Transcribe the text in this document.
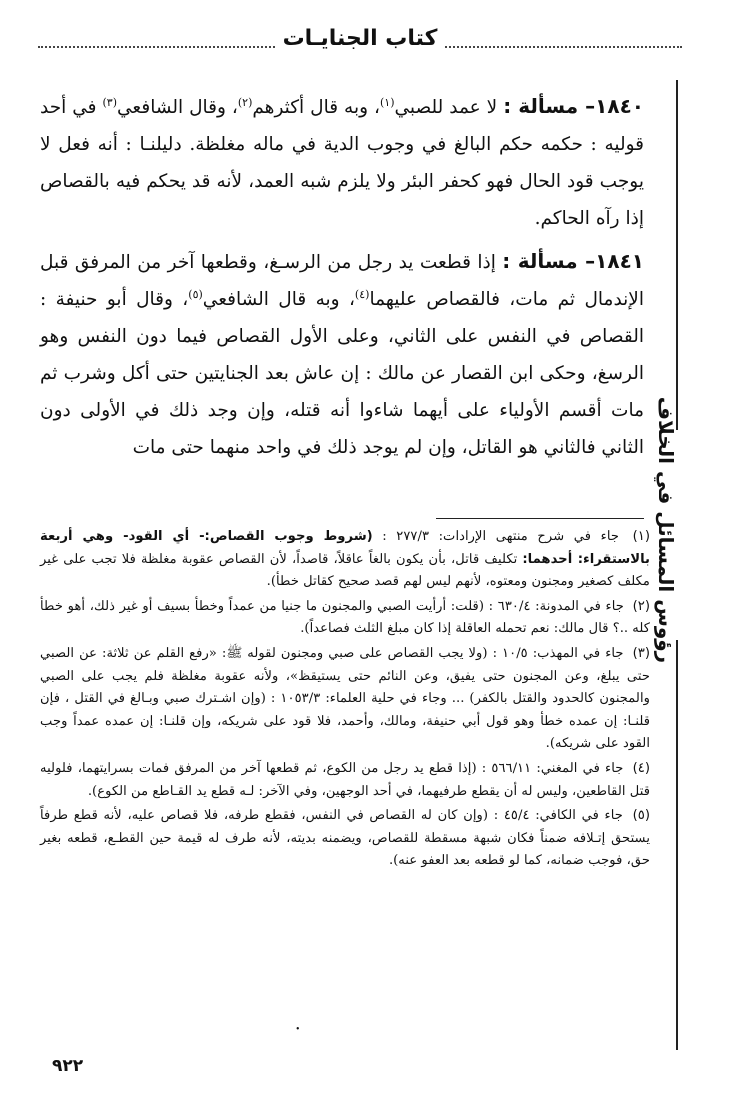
كتاب الجنايـات
رؤوس المسائل في الخلاف

١٨٤٠– مسألة : لا عمد للصبي$^{(١)}$، وبه قال أكثرهم$^{(٢)}$، وقال الشافعي$^{(٣)}$ في أحد قوليه : حكمه حكم البالغ في وجوب الدية في ماله مغلظة. دليلنـا : أنه فعل لا يوجب قود الحال فهو كحفر البئر ولا يلزم شبه العمد، لأنه قد يحكم فيه بالقصاص إذا رآه الحاكم.

١٨٤١– مسألة : إذا قطعت يد رجل من الرسـغ، وقطعها آخر من المرفق قبل الإندمال ثم مات، فالقصاص عليهما$^{(٤)}$، وبه قال الشافعي$^{(٥)}$، وقال أبو حنيفة : القصاص في النفس على الثاني، وعلى الأول القصاص فيما دون النفس وهو الرسغ، وحكى ابن القصار عن مالك : إن عاش بعد الجنايتين حتى أكل وشرب ثم مات أقسم الأولياء على أيهما شاءوا أنه قتله، وإن وجد ذلك في الأولى دون الثاني فالثاني هو القاتل، وإن لم يوجد ذلك في واحد منهما حتى مات

(١) جاء في شرح منتهى الإرادات: ٢٧٧/٣ : (شروط وجوب القصاص:- أي القود- وهي أربعة بالاستقراء: أحدهما: تكليف قاتل، بأن يكون بالغاً عاقلاً، قاصداً، لأن القصاص عقوبة مغلظة فلا تجب على غير مكلف كصغير ومجنون ومعتوه، لأنهم ليس لهم قصد صحيح كقاتل خطأ).
(٢) جاء في المدونة: ٦٣٠/٤ : (قلت: أرأيت الصبي والمجنون ما جنيا من عمداً وخطأ بسيف أو غير ذلك، أهو خطأ كله ..؟ قال مالك: نعم تحمله العاقلة إذا كان مبلغ الثلث فصاعداً).
(٣) جاء في المهذب: ١٠/٥ : (ولا يجب القصاص على صبي ومجنون لقوله ﷺ: «رفع القلم عن ثلاثة: عن الصبي حتى يبلغ، وعن المجنون حتى يفيق، وعن النائم حتى يستيقظ»، ولأنه عقوبة مغلظة فلم يجب على الصبي والمجنون كالحدود والقتل بالكفر) ... وجاء في حلية العلماء: ١٠٥٣/٣ : (وإن اشـترك صبي وبـالغ في القتل ، فإن قلنـا: إن عمده خطأ وهو قول أبي حنيفة، ومالك، وأحمد، فلا قود على شريكه، وإن قلنـا: إن عمده عمداً وجب القود على شريكه).
(٤) جاء في المغني: ٥٦٦/١١ : (إذا قطع يد رجل من الكوع، ثم قطعها آخر من المرفق فمات بسرايتهما، فلوليه قتل القاطعين، وليس له أن يقطع طرفيهما، في أحد الوجهين، وفي الآخر: لـه قطع يد القـاطع من الكوع).
(٥) جاء في الكافي: ٤٥/٤ : (وإن كان له القصاص في النفس، فقطع طرفه، فلا قصاص عليه، لأنه قطع طرفاً يستحق إتـلافه ضمناً فكان شبهة مسقطة للقصاص، ويضمنه بديته، لأنه طرف له قيمة حين القطـع، قطعه بغير حق، فوجب ضمانه، كما لو قطعه بعد العفو عنه).
•
٩٢٢
